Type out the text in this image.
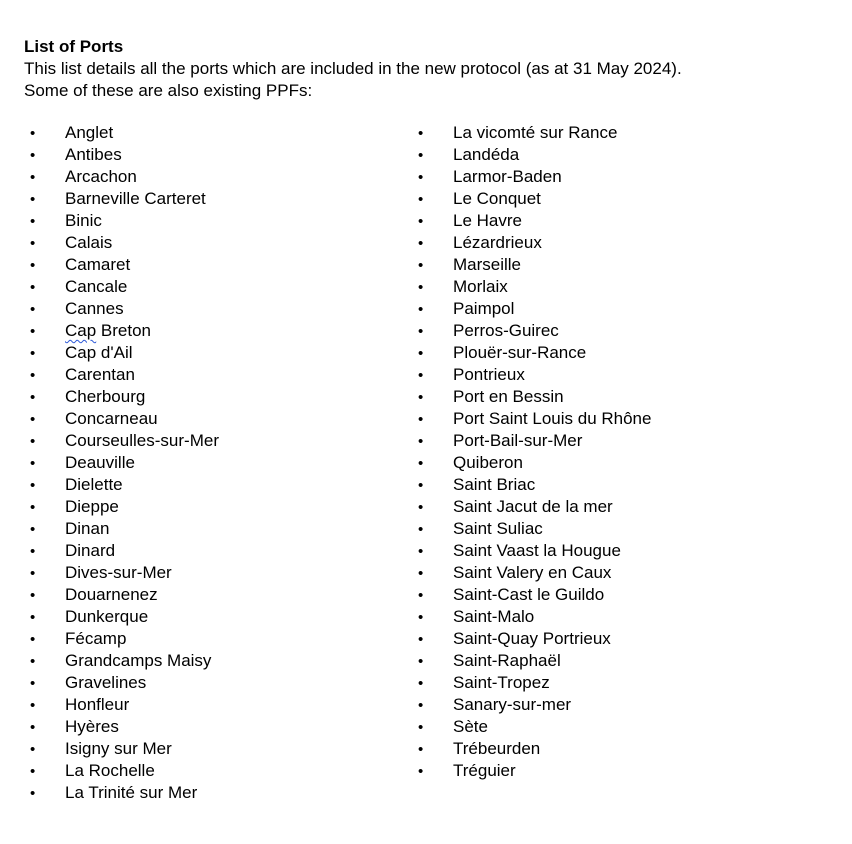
List of Ports
This list details all the ports which are included in the new protocol (as at 31 May 2024).
Some of these are also existing PPFs:
• Anglet
• Antibes
• Arcachon
• Barneville Carteret
• Binic
• Calais
• Camaret
• Cancale
• Cannes
• Cap Breton
• Cap d'Ail
• Carentan
• Cherbourg
• Concarneau
• Courseulles-sur-Mer
• Deauville
• Dielette
• Dieppe
• Dinan
• Dinard
• Dives-sur-Mer
• Douarnenez
• Dunkerque
• Fécamp
• Grandcamps Maisy
• Gravelines
• Honfleur
• Hyères
• Isigny sur Mer
• La Rochelle
• La Trinité sur Mer
• La vicomté sur Rance
• Landéda
• Larmor-Baden
• Le Conquet
• Le Havre
• Lézardrieux
• Marseille
• Morlaix
• Paimpol
• Perros-Guirec
• Plouër-sur-Rance
• Pontrieux
• Port en Bessin
• Port Saint Louis du Rhône
• Port-Bail-sur-Mer
• Quiberon
• Saint Briac
• Saint Jacut de la mer
• Saint Suliac
• Saint Vaast la Hougue
• Saint Valery en Caux
• Saint-Cast le Guildo
• Saint-Malo
• Saint-Quay Portrieux
• Saint-Raphaël
• Saint-Tropez
• Sanary-sur-mer
• Sète
• Trébeurden
• Tréguier
